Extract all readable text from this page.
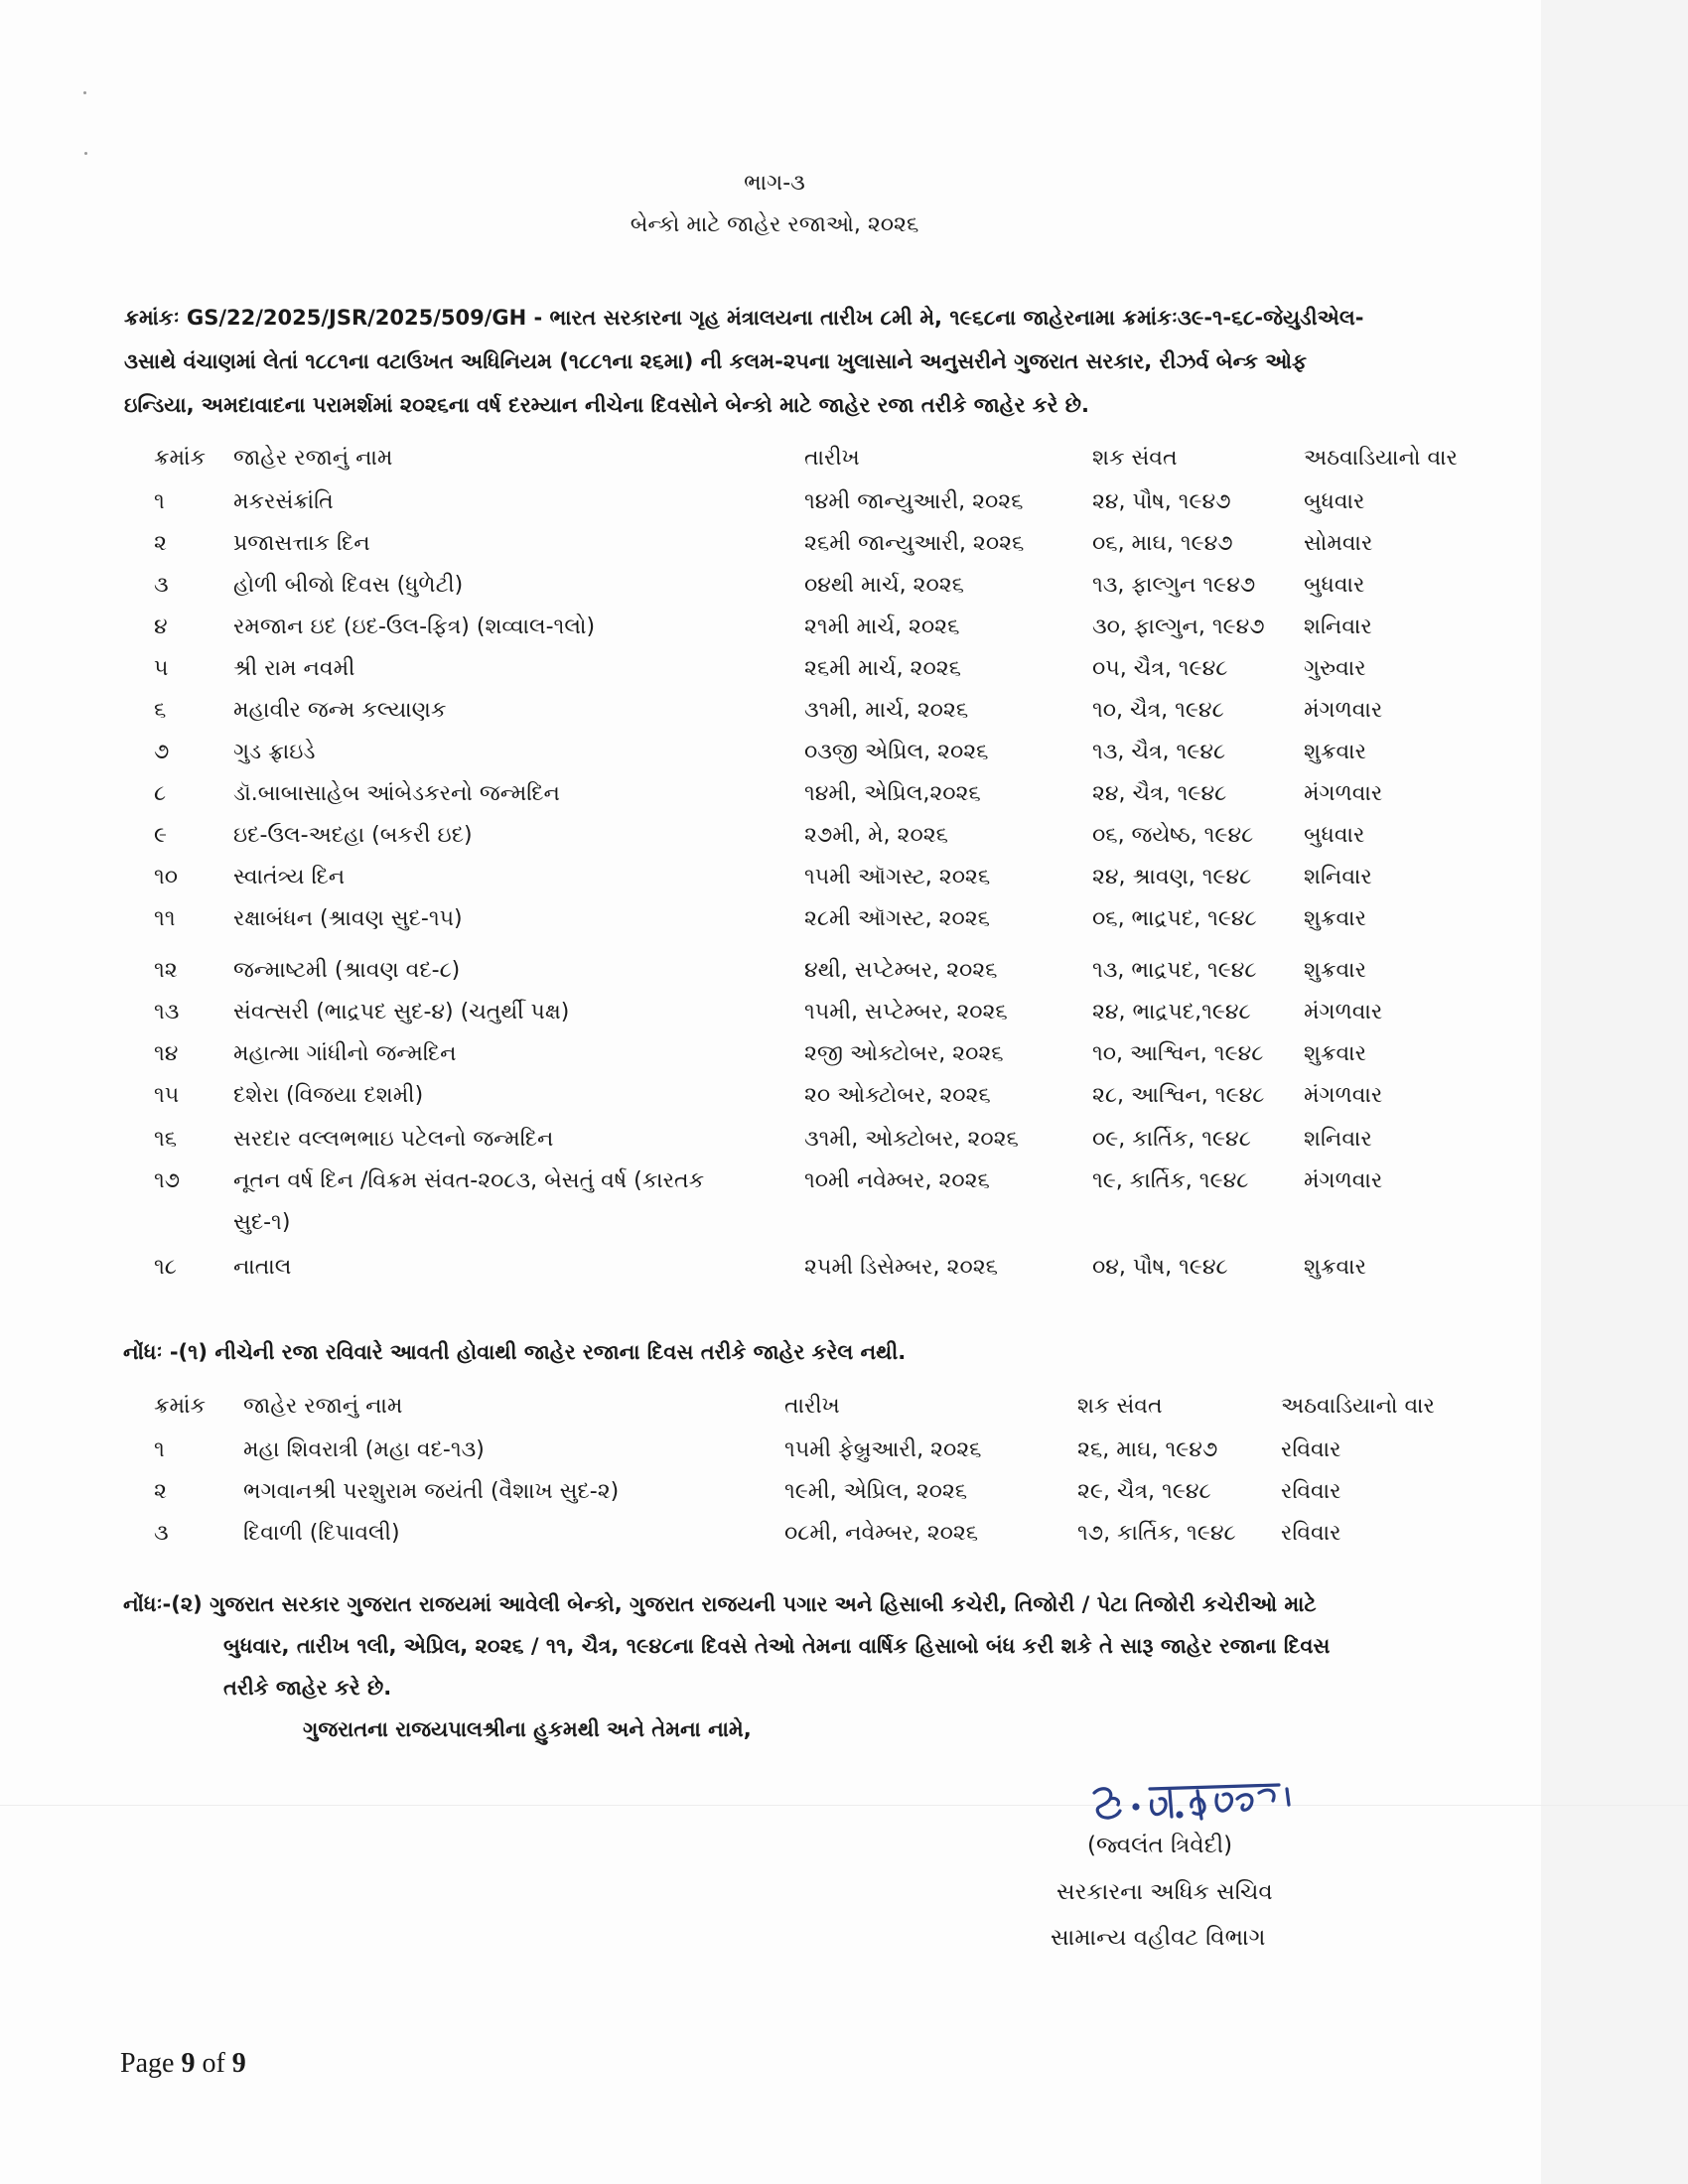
ભાગ-૩
બેન્કો માટે જાહેર રજાઓ, ૨૦૨૬
ક્રમાંકઃ GS/22/2025/JSR/2025/509/GH - ભારત સરકારના ગૃહ મંત્રાલયના તારીખ ૮મી મે, ૧૯૬૮ના જાહેરનામા ક્રમાંકઃ૩૯-૧-૬૮-જેયુડીએલ-
૩સાથે વંચાણમાં લેતાં ૧૮૮૧ના વટાઉખત અધિનિયમ (૧૮૮૧ના ૨૬મા) ની કલમ-૨૫ના ખુલાસાને અનુસરીને ગુજરાત સરકાર, રીઝર્વ બેન્ક ઓફ
ઇન્ડિયા, અમદાવાદના પરામર્શમાં ૨૦૨૬ના વર્ષ દરમ્યાન નીચેના દિવસોને બેન્કો માટે જાહેર રજા તરીકે જાહેર કરે છે.
ક્રમાંક જાહેર રજાનું નામ	તારીખ	શક સંવત	અઠવાડિયાનો વાર
૧	મકરસંક્રાંતિ	૧૪મી જાન્યુઆરી, ૨૦૨૬	૨૪, પૌષ, ૧૯૪૭	બુધવાર
૨	પ્રજાસત્તાક દિન	૨૬મી જાન્યુઆરી, ૨૦૨૬	૦૬, માઘ, ૧૯૪૭	સોમવાર
૩	હોળી બીજો દિવસ (ધુળેટી)	૦૪થી માર્ચ, ૨૦૨૬	૧૩, ફાલ્ગુન ૧૯૪૭ બુધવાર
૪	રમજાન ઇદ (ઇદ-ઉલ-ફિત્ર) (શવ્વાલ-૧લો)	૨૧મી માર્ચ, ૨૦૨૬	૩૦, ફાલ્ગુન, ૧૯૪૭ શનિવાર
૫	શ્રી રામ નવમી	૨૬મી માર્ચ, ૨૦૨૬	૦૫, ચૈત્ર, ૧૯૪૮	ગુરુવાર
૬	મહાવીર જન્મ કલ્યાણક	૩૧મી, માર્ચ, ૨૦૨૬	૧૦, ચૈત્ર, ૧૯૪૮	મંગળવાર
૭	ગુડ ફ્રાઇડે	૦૩જી એપ્રિલ, ૨૦૨૬	૧૩, ચૈત્ર, ૧૯૪૮	શુક્રવાર
૮	ડૉ.બાબાસાહેબ આંબેડકરનો જન્મદિન	૧૪મી, એપ્રિલ,૨૦૨૬	૨૪, ચૈત્ર, ૧૯૪૮	મંગળવાર
૯	ઇદ-ઉલ-અદહા (બકરી ઇદ)	૨૭મી, મે, ૨૦૨૬	૦૬, જયેષ્ઠ, ૧૯૪૮ બુધવાર
૧૦	સ્વાતંત્ર્ય દિન	૧૫મી ઑગસ્ટ, ૨૦૨૬	૨૪, શ્રાવણ, ૧૯૪૮ શનિવાર
૧૧	રક્ષાબંધન (શ્રાવણ સુદ-૧૫)	૨૮મી ઑગસ્ટ, ૨૦૨૬	૦૬, ભાદ્રપદ, ૧૯૪૮ શુક્રવાર
૧૨	જન્માષ્ટમી (શ્રાવણ વદ-૮)	૪થી, સપ્ટેમ્બર, ૨૦૨૬	૧૩, ભાદ્રપદ, ૧૯૪૮ શુક્રવાર
૧૩ સંવત્સરી (ભાદ્રપદ સુદ-૪) (ચતુર્થી પક્ષ)	૧૫મી, સપ્ટેમ્બર, ૨૦૨૬	૨૪, ભાદ્રપદ,૧૯૪૮ મંગળવાર
૧૪	મહાત્મા ગાંધીનો જન્મદિન	૨જી ઓક્ટોબર, ૨૦૨૬	૧૦, આશ્વિન, ૧૯૪૮ શુક્રવાર
૧૫ દશેરા (વિજયા દશમી)	૨૦ ઓક્ટોબર, ૨૦૨૬	૨૮, આશ્વિન, ૧૯૪૮ મંગળવાર
૧૬	સરદાર વલ્લભભાઇ પટેલનો જન્મદિન	૩૧મી, ઓક્ટોબર, ૨૦૨૬	૦૯, કાર્તિક, ૧૯૪૮ શનિવાર
૧૭ નૂતન વર્ષ દિન /વિક્રમ સંવત-૨૦૮૩, બેસતું વર્ષ (કારતક	૧૦મી નવેમ્બર, ૨૦૨૬	૧૯, કાર્તિક, ૧૯૪૮	મંગળવાર
સુદ-૧)
૧૮	નાતાલ	૨૫મી ડિસેમ્બર, ૨૦૨૬	૦૪, પૌષ, ૧૯૪૮	શુક્રવાર
નોંધઃ -(૧) નીચેની રજા રવિવારે આવતી હોવાથી જાહેર રજાના દિવસ તરીકે જાહેર કરેલ નથી.
ક્રમાંક જાહેર રજાનું નામ	તારીખ	શક સંવત	અઠવાડિયાનો વાર
૧	મહા શિવરાત્રી (મહા વદ-૧૩)	૧૫મી ફેબ્રુઆરી, ૨૦૨૬	૨૬, માઘ, ૧૯૪૭	રવિવાર
૨	ભગવાનશ્રી પરશુરામ જયંતી (વૈશાખ સુદ-૨)	૧૯મી, એપ્રિલ, ૨૦૨૬	૨૯, ચૈત્ર, ૧૯૪૮	રવિવાર
૩	દિવાળી (દિપાવલી)	૦૮મી, નવેમ્બર, ૨૦૨૬	૧૭, કાર્તિક, ૧૯૪૮ રવિવાર
નોંધઃ-(૨) ગુજરાત સરકાર ગુજરાત રાજયમાં આવેલી બેન્કો, ગુજરાત રાજયની પગાર અને હિસાબી કચેરી, તિજોરી / પેટા તિજોરી કચેરીઓ માટે
બુધવાર, તારીખ ૧લી, એપ્રિલ, ૨૦૨૬ / ૧૧, ચૈત્ર, ૧૯૪૮ના દિવસે તેઓ તેમના વાર્ષિક હિસાબો બંધ કરી શકે તે સારૂ જાહેર રજાના દિવસ
તરીકે જાહેર કરે છે.
ગુજરાતના રાજયપાલશ્રીના હુકમથી અને તેમના નામે,
(જ્વલંત ત્રિવેદી)
સરકારના અધિક સચિવ
સામાન્ય વહીવટ વિભાગ
Page 9 of 9
